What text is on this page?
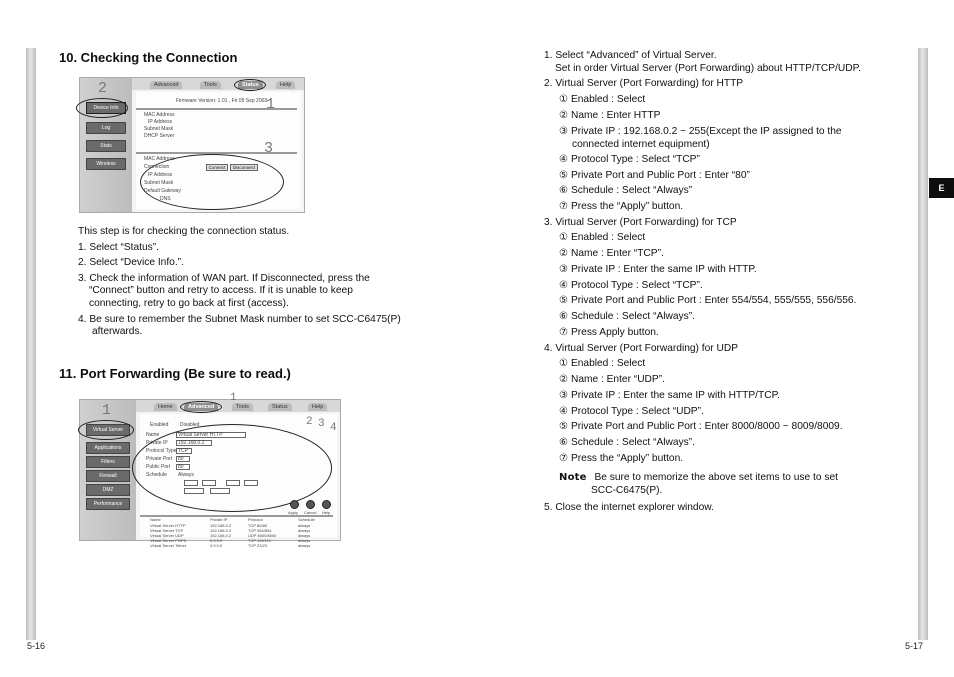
E
10. Checking the Connection
Device Info
Log
Stats
Wireless
2	Advanced	Tools	Status	Help
Firmware Version: 1.01 , Fri 05 Sep 2003
MAC Address
IP Address
Subnet Mask
DHCP Server
1
MAC Address
Connection	Connect	Disconnect
IP Address
Subnet Mask
Default Gateway
DNS
3
This step is for checking the connection status.
1. Select “Status”.
2. Select “Device Info.”.
3. Check the information of WAN part. If Disconnected, press the
“Connect” button and retry to access. If it is unable to keep
connecting, retry to go back at first (access).
4. Be sure to remember the Subnet Mask number to set SCC-C6475(P)
afterwards.
11. Port Forwarding (Be sure to read.)
1
Virtual Server
Applications
Filters
Firewall
DMZ
Performance
Home	Advanced	Tools	Status	Help
1
Enabled Disabled	2 3 4
Name	Virtual Server HTTP
Private IP 192.168.0.2
Protocol Type TCP
Private Port 80
Public Port 80
Schedule Always
Apply Cancel Help
Name	Private IP	Protocol	Schedule
Virtual Server HTTP	192.168.0.2	TCP 80/80	always
Virtual Server TCP	192.168.0.2	TCP 554/554	always
Virtual Server UDP	192.168.0.2	UDP 8000/8000	always
Virtual Server POP3	0.0.0.0	TCP 110/110	always
Virtual Server Telnet	0.0.0.0	TCP 23/23	always
5-16
1. Select “Advanced” of Virtual Server.
Set in order Virtual Server (Port Forwarding) about HTTP/TCP/UDP.
2. Virtual Server (Port Forwarding) for HTTP
① Enabled : Select
② Name : Enter HTTP
③ Private IP : 192.168.0.2 ~ 255(Except the IP assigned to the
connected internet equipment)
④ Protocol Type : Select “TCP”
⑤ Private Port and Public Port : Enter “80”
⑥ Schedule : Select “Always”
⑦ Press the “Apply” button.
3. Virtual Server (Port Forwarding) for TCP
① Enabled : Select
② Name : Enter “TCP”.
③ Private IP : Enter the same IP with HTTP.
④ Protocol Type : Select “TCP”.
⑤ Private Port and Public Port : Enter 554/554, 555/555, 556/556.
⑥ Schedule : Select “Always”.
⑦ Press Apply button.
4. Virtual Server (Port Forwarding) for UDP
① Enabled : Select
② Name : Enter “UDP”.
③ Private IP : Enter the same IP with HTTP/TCP.
④ Protocol Type : Select “UDP”.
⑤ Private Port and Public Port : Enter 8000/8000 ~ 8009/8009.
⑥ Schedule : Select “Always”.
⑦ Press the “Apply” button.
Note Be sure to memorize the above set items to use to set
SCC-C6475(P).
5. Close the internet explorer window.
5-17
